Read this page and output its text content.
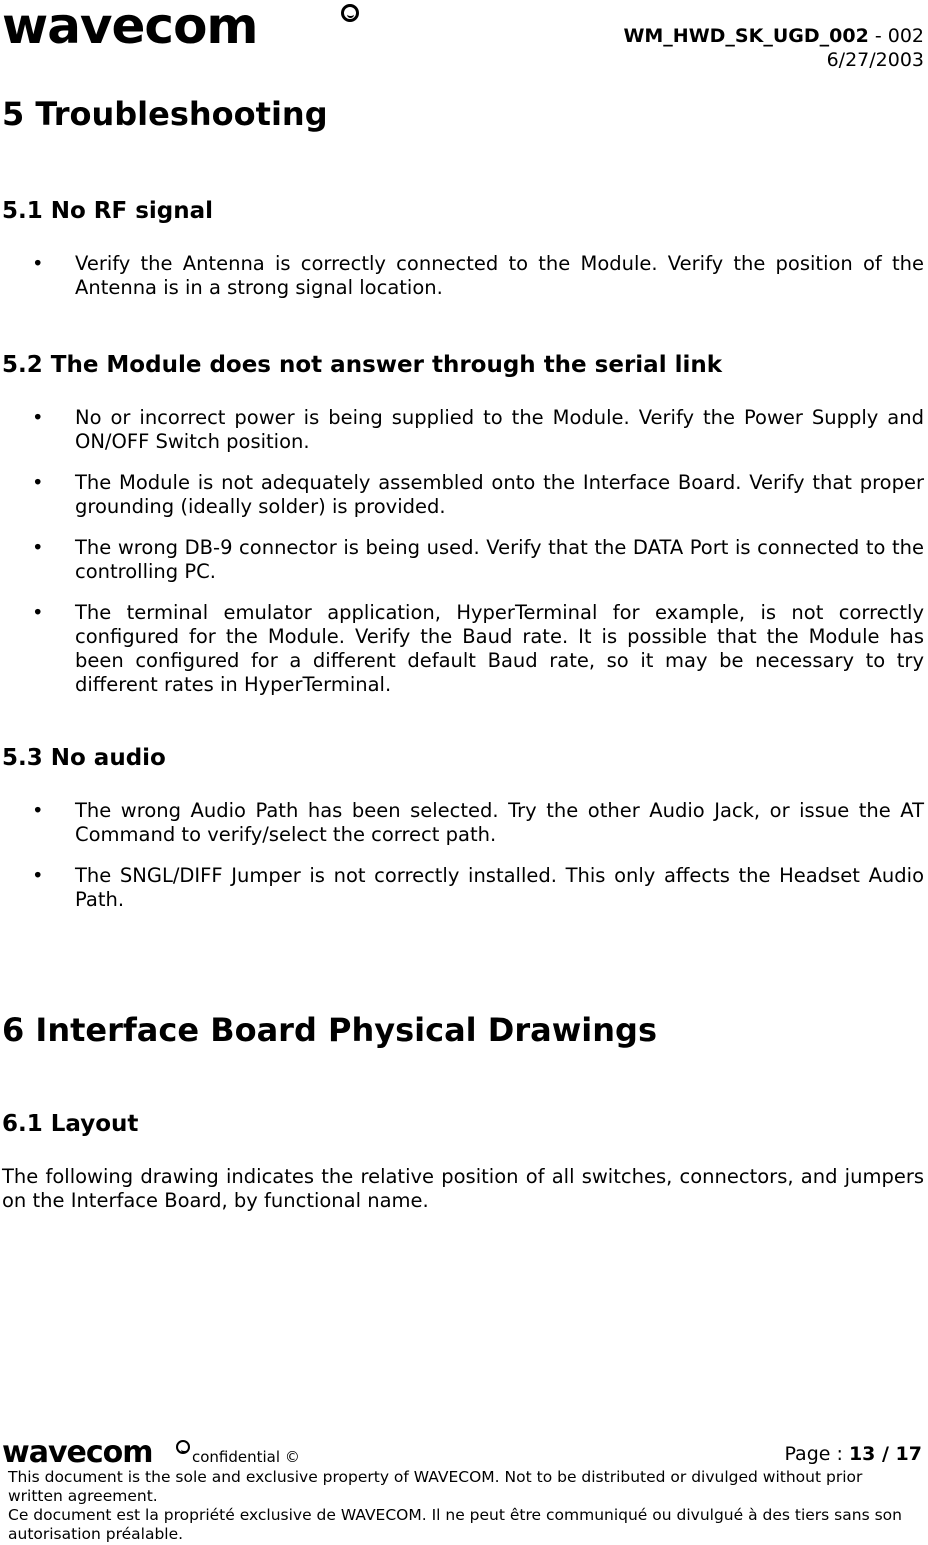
wavecom	WM_HWD_SK_UGD_002 - 002
6/27/2003
5 Troubleshooting
5.1 No RF signal
• Verify the Antenna is correctly connected to the Module. Verify the position of the Antenna is in a strong signal location.
5.2 The Module does not answer through the serial link
• No or incorrect power is being supplied to the Module. Verify the Power Supply and ON/OFF Switch position.
• The Module is not adequately assembled onto the Interface Board. Verify that proper grounding (ideally solder) is provided.
• The wrong DB-9 connector is being used. Verify that the DATA Port is connected to the controlling PC.
• The terminal emulator application, HyperTerminal for example, is not correctly configured for the Module. Verify the Baud rate. It is possible that the Module has been configured for a different default Baud rate, so it may be necessary to try different rates in HyperTerminal.
5.3 No audio
• The wrong Audio Path has been selected. Try the other Audio Jack, or issue the AT Command to verify/select the correct path.
• The SNGL/DIFF Jumper is not correctly installed. This only affects the Headset Audio Path.
6 Interface Board Physical Drawings
6.1 Layout

The following drawing indicates the relative position of all switches, connectors, and jumpers on the Interface Board, by functional name.

wavecom	confidential ©	Page : 13 / 17
This document is the sole and exclusive property of WAVECOM. Not to be distributed or divulged without prior written agreement.
Ce document est la propriété exclusive de WAVECOM. Il ne peut être communiqué ou divulgué à des tiers sans son autorisation préalable.
